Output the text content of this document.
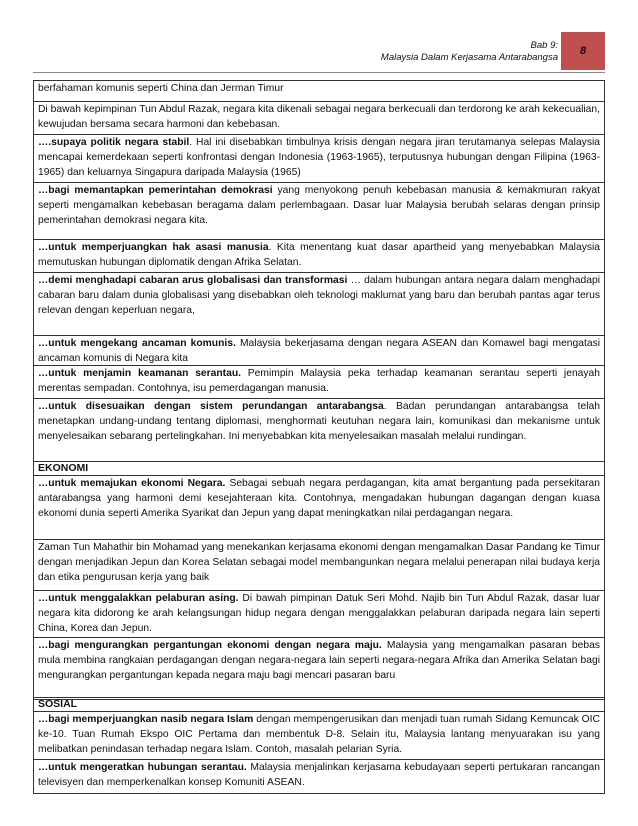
Bab 9:
Malaysia Dalam Kerjasama Antarabangsa
8
berfahaman komunis seperti China dan Jerman Timur
Di bawah kepimpinan Tun Abdul Razak, negara kita dikenali sebagai negara berkecuali dan terdorong ke arah kekecualian, kewujudan bersama secara harmoni dan kebebasan.
….supaya politik negara stabil. Hal ini disebabkan timbulnya krisis dengan negara jiran terutamanya selepas Malaysia mencapai kemerdekaan seperti konfrontasi dengan Indonesia (1963-1965), terputusnya hubungan dengan Filipina (1963-1965) dan keluarnya Singapura daripada Malaysia (1965)
…bagi memantapkan pemerintahan demokrasi yang menyokong penuh kebebasan manusia & kemakmuran rakyat seperti mengamalkan kebebasan beragama dalam perlembagaan. Dasar luar Malaysia berubah selaras dengan prinsip pemerintahan demokrasi negara kita.
…untuk memperjuangkan hak asasi manusia. Kita menentang kuat dasar apartheid yang menyebabkan Malaysia memutuskan hubungan diplomatik dengan Afrika Selatan.
…demi menghadapi cabaran arus globalisasi dan transformasi … dalam hubungan antara negara dalam menghadapi cabaran baru dalam dunia globalisasi yang disebabkan oleh teknologi maklumat yang baru dan berubah pantas agar terus relevan dengan keperluan negara,
…untuk mengekang ancaman komunis. Malaysia bekerjasama dengan negara ASEAN dan Komawel bagi mengatasi ancaman komunis di Negara kita
…untuk menjamin keamanan serantau. Pemimpin Malaysia peka terhadap keamanan serantau seperti jenayah merentas sempadan. Contohnya, isu pemerdagangan manusia.
…untuk disesuaikan dengan sistem perundangan antarabangsa. Badan perundangan antarabangsa telah menetapkan undang-undang tentang diplomasi, menghormati keutuhan negara lain, komunikasi dan mekanisme untuk menyelesaikan sebarang pertelingkahan. Ini menyebabkan kita menyelesaikan masalah melalui rundingan.
EKONOMI
…untuk memajukan ekonomi Negara. Sebagai sebuah negara perdagangan, kita amat bergantung pada persekitaran antarabangsa yang harmoni demi kesejahteraan kita. Contohnya, mengadakan hubungan dagangan dengan kuasa ekonomi dunia seperti Amerika Syarikat dan Jepun yang dapat meningkatkan nilai perdagangan negara.
Zaman Tun Mahathir bin Mohamad yang menekankan kerjasama ekonomi dengan mengamalkan Dasar Pandang ke Timur dengan menjadikan Jepun dan Korea Selatan sebagai model membangunkan negara melalui penerapan nilai budaya kerja dan etika pengurusan kerja yang baik
…untuk menggalakkan pelaburan asing. Di bawah pimpinan Datuk Seri Mohd. Najib bin Tun Abdul Razak, dasar luar negara kita didorong ke arah kelangsungan hidup negara dengan menggalakkan pelaburan daripada negara lain seperti China, Korea dan Jepun.
…bagi mengurangkan pergantungan ekonomi dengan negara maju. Malaysia yang mengamalkan pasaran bebas mula membina rangkaian perdagangan dengan negara-negara lain seperti negara-negara Afrika dan Amerika Selatan bagi mengurangkan pergantungan kepada negara maju bagi mencari pasaran baru
SOSIAL
…bagi memperjuangkan nasib negara Islam dengan mempengerusikan dan menjadi tuan rumah Sidang Kemuncak OIC ke-10. Tuan Rumah Ekspo OIC Pertama dan membentuk D-8. Selain itu, Malaysia lantang menyuarakan isu yang melibatkan penindasan terhadap negara Islam. Contoh, masalah pelarian Syria.
…untuk mengeratkan hubungan serantau. Malaysia menjalinkan kerjasama kebudayaan seperti pertukaran rancangan televisyen dan memperkenalkan konsep Komuniti ASEAN.
